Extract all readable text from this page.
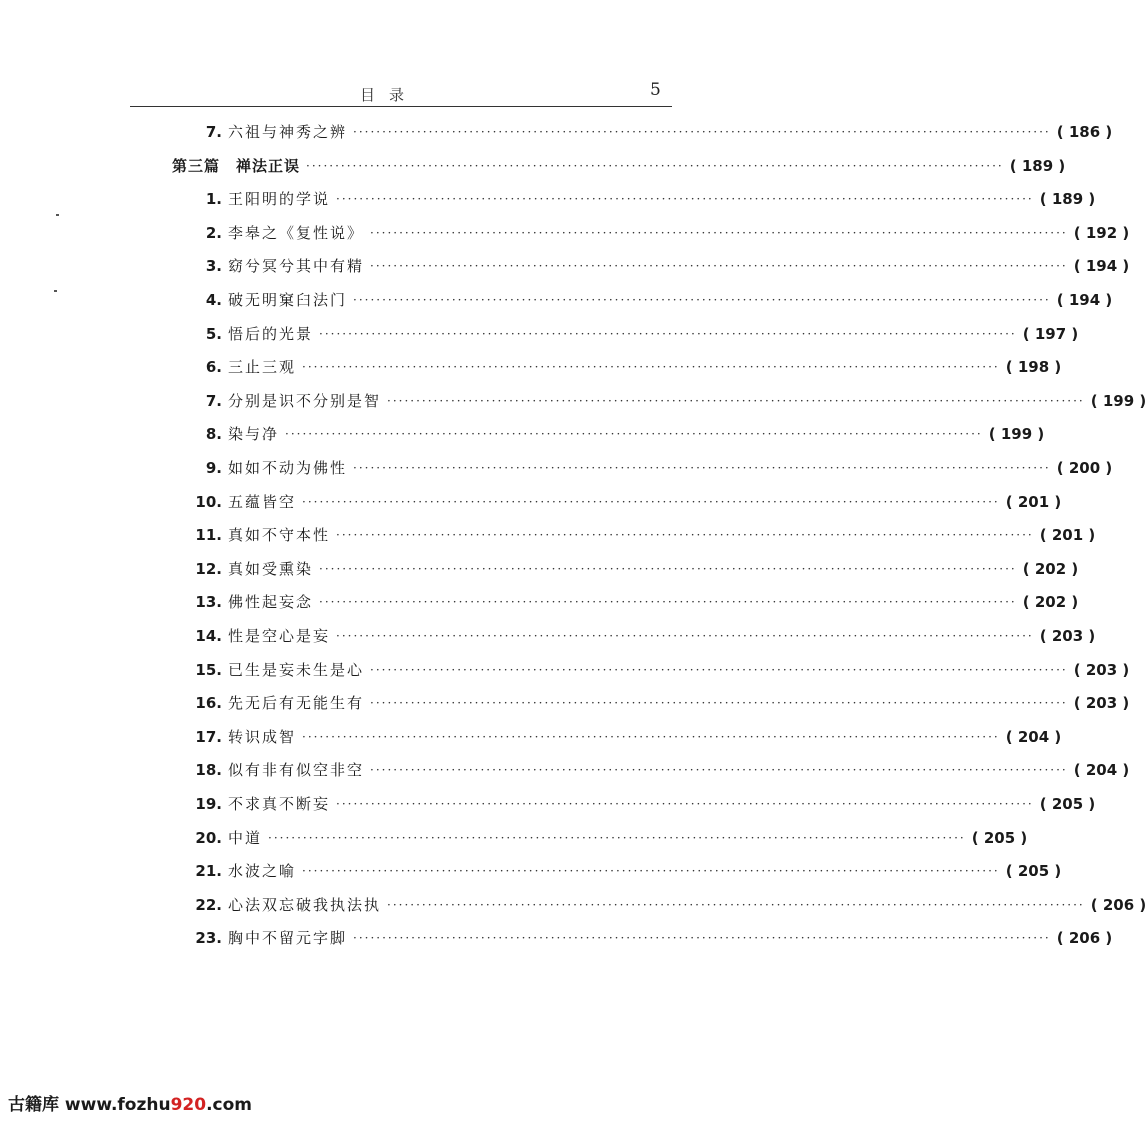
目录	5
7. 六祖与神秀之辨 ························································································································ ( 186 )
第三篇　禅法正误 ························································································································ ( 189 )
1. 王阳明的学说 ························································································································ ( 189 )
2. 李皋之《复性说》 ························································································································ ( 192 )
3. 窈兮冥兮其中有精 ························································································································ ( 194 )
4. 破无明窠臼法门 ························································································································ ( 194 )
5. 悟后的光景 ························································································································ ( 197 )
6. 三止三观 ························································································································ ( 198 )
7. 分别是识不分别是智 ························································································································ ( 199 )
8. 染与净 ························································································································ ( 199 )
9. 如如不动为佛性 ························································································································ ( 200 )
10. 五蕴皆空 ························································································································ ( 201 )
11. 真如不守本性 ························································································································ ( 201 )
12. 真如受熏染 ························································································································ ( 202 )
13. 佛性起妄念 ························································································································ ( 202 )
14. 性是空心是妄 ························································································································ ( 203 )
15. 已生是妄未生是心 ························································································································ ( 203 )
16. 先无后有无能生有 ························································································································ ( 203 )
17. 转识成智 ························································································································ ( 204 )
18. 似有非有似空非空 ························································································································ ( 204 )
19. 不求真不断妄 ························································································································ ( 205 )
20. 中道 ························································································································ ( 205 )
21. 水波之喻 ························································································································ ( 205 )
22. 心法双忘破我执法执 ························································································································ ( 206 )
23. 胸中不留元字脚 ························································································································ ( 206 )
古籍库 www.fozhu920.com
